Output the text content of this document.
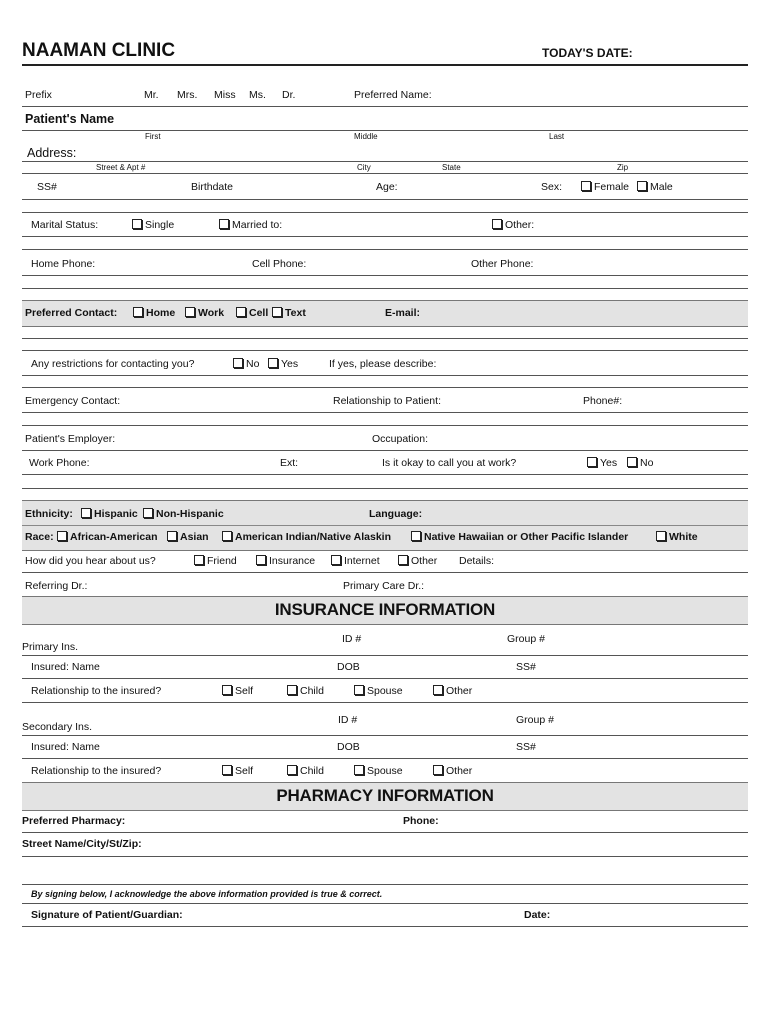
NAAMAN CLINIC	TODAY'S DATE:
Prefix	Mr. Mrs. Miss Ms. Dr.	Preferred Name:
Patient's Name
First	Middle	Last
Address:
Street & Apt #	City	State	Zip
SS#	Birthdate	Age:	Sex:	Female	Male
Marital Status:	Single	Married to:	Other:
Home Phone:	Cell Phone:	Other Phone:
Preferred Contact:	Home	Work	Cell	Text	E-mail:
Any restrictions for contacting you?	No	Yes	If yes, please describe:
Emergency Contact:	Relationship to Patient:	Phone#:
Patient's Employer:	Occupation:
Work Phone:	Ext:	Is it okay to call you at work?	Yes	No
Ethnicity:	Hispanic	Non-Hispanic	Language:
Race:	African-American	Asian	American Indian/Native Alaskin	Native Hawaiian or Other Pacific Islander	White
How did you hear about us?	Friend	Insurance	Internet	Other Details:
Referring Dr.:	Primary Care Dr.:
INSURANCE INFORMATION
ID #	Group #
Primary Ins.
Insured: Name	DOB	SS#
Relationship to the insured?	Self	Child	Spouse	Other
ID #	Group #
Secondary Ins.
Insured: Name	DOB	SS#
Relationship to the insured?	Self	Child	Spouse	Other
PHARMACY INFORMATION
Preferred Pharmacy:	Phone:
Street Name/City/St/Zip:
By signing below, I acknowledge the above information provided is true & correct.
Signature of Patient/Guardian:	Date:
